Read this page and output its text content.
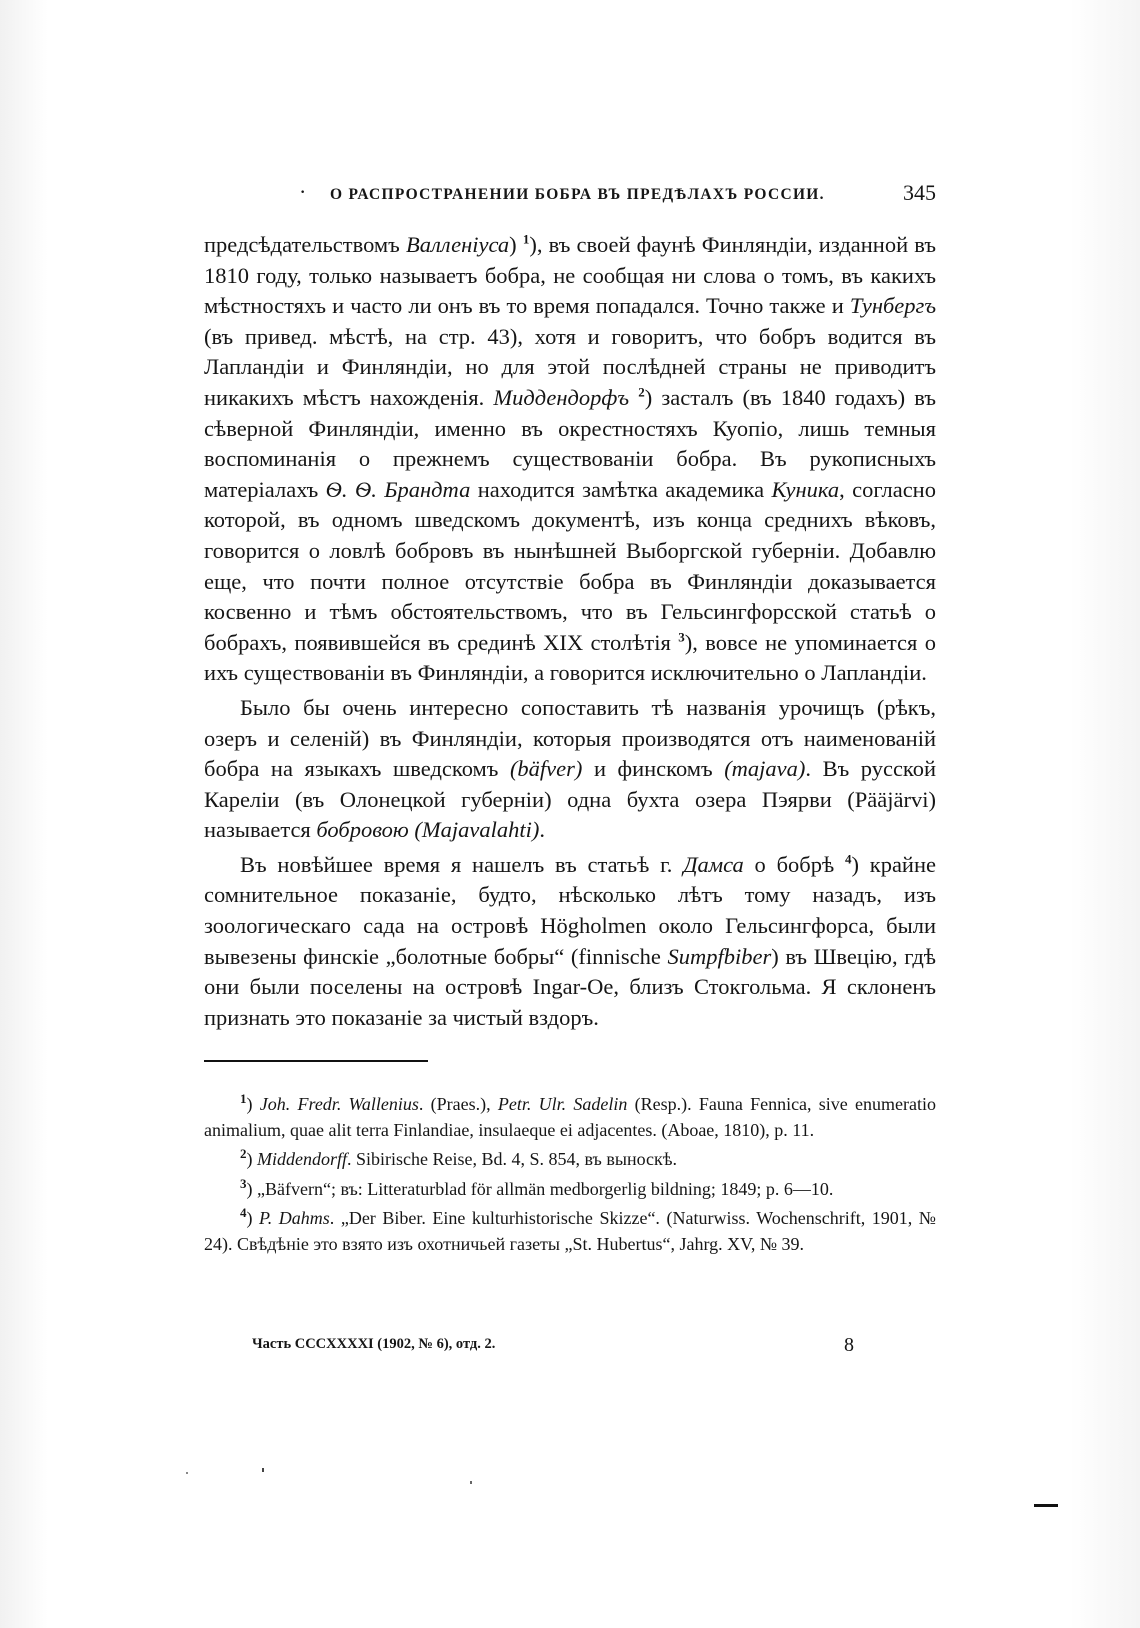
· О РАСПРОСТРАНЕНИИ БОБРА ВЪ ПРЕДѢЛАХЪ РОССИИ.	345

предсѣдательствомъ Валленіуса) $^1$), въ своей фаунѣ Финляндіи, изданной въ 1810 году, только называетъ бобра, не сообщая ни слова о томъ, въ какихъ мѣстностяхъ и часто ли онъ въ то время попадался. Точно также и Тунбергъ (въ привед. мѣстѣ, на стр. 43), хотя и говоритъ, что бобръ водится въ Лапландіи и Финляндіи, но для этой послѣдней страны не приводитъ никакихъ мѣстъ нахожденія. Миддендорфъ $^2$) засталъ (въ 1840 годахъ) въ сѣверной Финляндіи, именно въ окрестностяхъ Куопіо, лишь темныя воспоминанія о прежнемъ существованіи бобра. Въ рукописныхъ матеріалахъ Ѳ. Ѳ. Брандта находится замѣтка академика Куника, согласно которой, въ одномъ шведскомъ документѣ, изъ конца среднихъ вѣковъ, говорится о ловлѣ бобровъ въ нынѣшней Выборгской губерніи. Добавлю еще, что почти полное отсутствіе бобра въ Финляндіи доказывается косвенно и тѣмъ обстоятельствомъ, что въ Гельсингфорсской статьѣ о бобрахъ, появившейся въ срединѣ XIX столѣтія $^3$), вовсе не упоминается о ихъ существованіи въ Финляндіи, а говорится исключительно о Лапландіи.

Было бы очень интересно сопоставить тѣ названія урочищъ (рѣкъ, озеръ и селеній) въ Финляндіи, которыя производятся отъ наименованій бобра на языкахъ шведскомъ (bäfver) и финскомъ (majava). Въ русской Кареліи (въ Олонецкой губерніи) одна бухта озера Пэярви (Pääjärvi) называется бобровою (Majavalahti).

Въ новѣйшее время я нашелъ въ статьѣ г. Дамса о бобрѣ $^4$) крайне сомнительное показаніе, будто, нѣсколько лѣтъ тому назадъ, изъ зоологическаго сада на островѣ Högholmen около Гельсингфорса, были вывезены финскіе „болотные бобры“ (finnische Sumpfbiber) въ Швецію, гдѣ они были поселены на островѣ Ingar-Oe, близъ Стокгольма. Я склоненъ признать это показаніе за чистый вздоръ.

$^1$) Joh. Fredr. Wallenius. (Praes.), Petr. Ulr. Sadelin (Resp.). Fauna Fennica, sive enumeratio animalium, quae alit terra Finlandiae, insulaeque ei adjacentes. (Aboae, 1810), p. 11.

$^2$) Middendorff. Sibirische Reise, Bd. 4, S. 854, въ выноскѣ.

$^3$) „Bäfvern“; въ: Litteraturblad för allmän medborgerlig bildning; 1849; p. 6—10.

$^4$) P. Dahms. „Der Biber. Eine kulturhistorische Skizze“. (Naturwiss. Wochenschrift, 1901, № 24). Свѣдѣніе это взято изъ охотничьей газеты „St. Hubertus“, Jahrg. XV, № 39.

Часть CCCXXXXI (1902, № 6), отд. 2.	8
